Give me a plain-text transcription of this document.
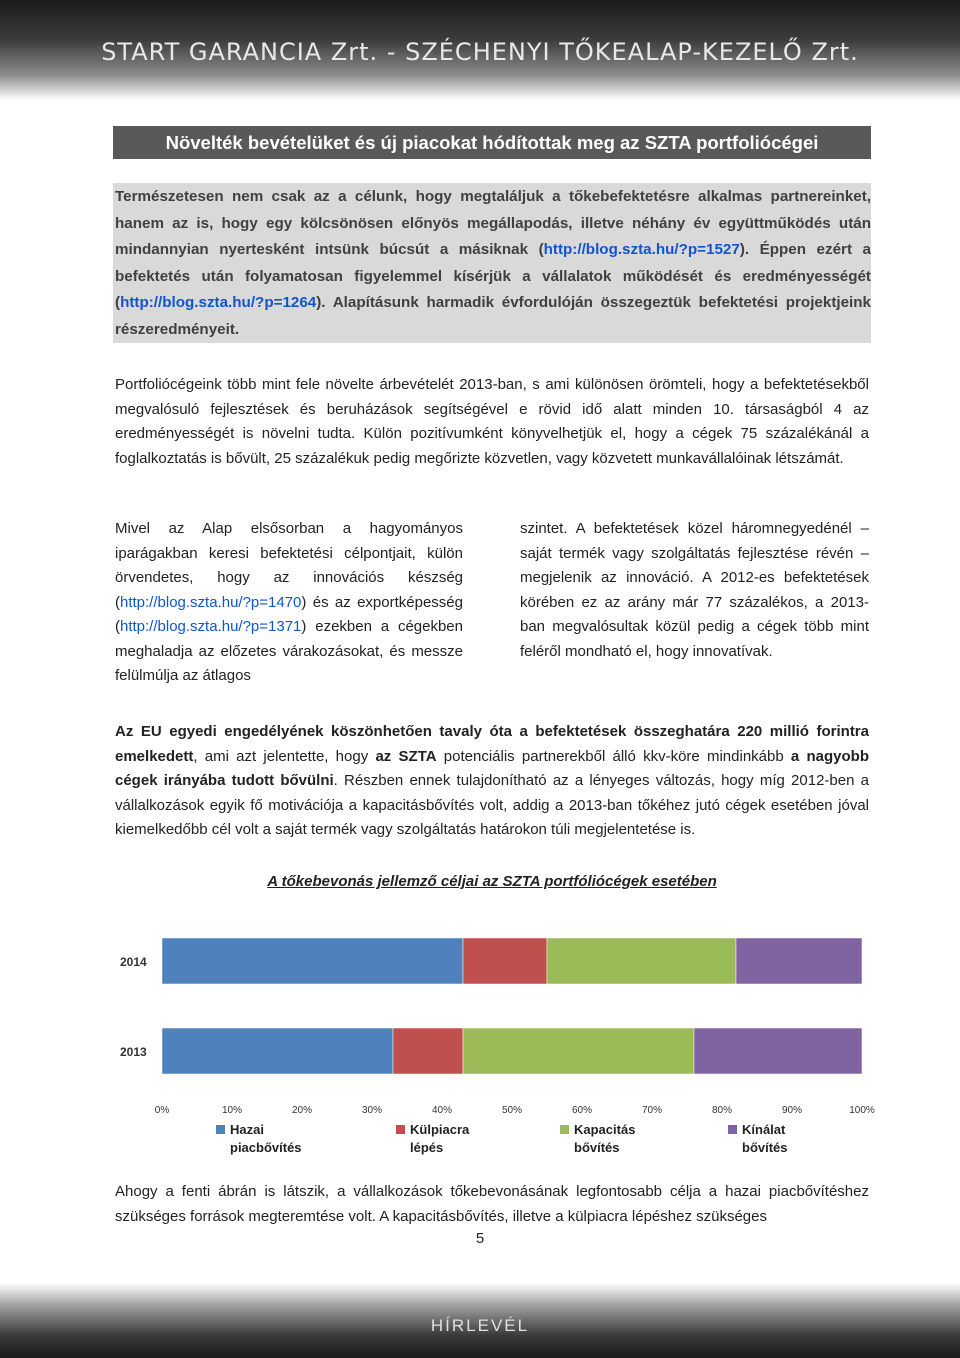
START GARANCIA Zrt. - SZÉCHENYI TŐKEALAP-KEZELŐ Zrt.
Növelték bevételüket és új piacokat hódítottak meg az SZTA portfoliócégei
Természetesen nem csak az a célunk, hogy megtaláljuk a tőkebefektetésre alkalmas partnereinket, hanem az is, hogy egy kölcsönösen előnyös megállapodás, illetve néhány év együttműködés után mindannyian nyertesként intsünk búcsút a másiknak (http://blog.szta.hu/?p=1527). Éppen ezért a befektetés után folyamatosan figyelemmel kísérjük a vállalatok működését és eredményességét (http://blog.szta.hu/?p=1264). Alapításunk harmadik évfordulóján összegeztük befektetési projektjeink részeredményeit.

Portfoliócégeink több mint fele növelte árbevételét 2013-ban, s ami különösen örömteli, hogy a befektetésekből megvalósuló fejlesztések és beruházások segítségével e rövid idő alatt minden 10. társaságból 4 az eredményességét is növelni tudta. Külön pozitívumként könyvelhetjük el, hogy a cégek 75 százalékánál a foglalkoztatás is bővült, 25 százalékuk pedig megőrizte közvetlen, vagy közvetett munkavállalóinak létszámát.

Mivel az Alap elsősorban a hagyományos iparágakban keresi befektetési célpontjait, külön örvendetes, hogy az innovációs készség (http://blog.szta.hu/?p=1470) és az exportképesség (http://blog.szta.hu/?p=1371) ezekben a cégekben meghaladja az előzetes várakozásokat, és messze felülmúlja az átlagos

szintet. A befektetések közel háromnegyedénél – saját termék vagy szolgáltatás fejlesztése révén – megjelenik az innováció. A 2012-es befektetések körében ez az arány már 77 százalékos, a 2013-ban megvalósultak közül pedig a cégek több mint feléről mondható el, hogy innovatívak.

Az EU egyedi engedélyének köszönhetően tavaly óta a befektetések összeghatára 220 millió forintra emelkedett, ami azt jelentette, hogy az SZTA potenciális partnerekből álló kkv-köre mindinkább a nagyobb cégek irányába tudott bővülni. Részben ennek tulajdonítható az a lényeges változás, hogy míg 2012-ben a vállalkozások egyik fő motivációja a kapacitásbővítés volt, addig a 2013-ban tőkéhez jutó cégek esetében jóval kiemelkedőbb cél volt a saját termék vagy szolgáltatás határokon túli megjelentetése is.

A tőkebevonás jellemző céljai az SZTA portfóliócégek esetében
2014
2013
0%	10%	20%	30%	40%	50%	60%	70%	80%	90%	100%
Hazai
piacbővítés
Külpiacra
lépés
Kapacitás
bővítés
Kínálat
bővítés

Ahogy a fenti ábrán is látszik, a vállalkozások tőkebevonásának legfontosabb célja a hazai piacbővítéshez szükséges források megteremtése volt. A kapacitásbővítés, illetve a külpiacra lépéshez szükséges

5
HÍRLEVÉL
